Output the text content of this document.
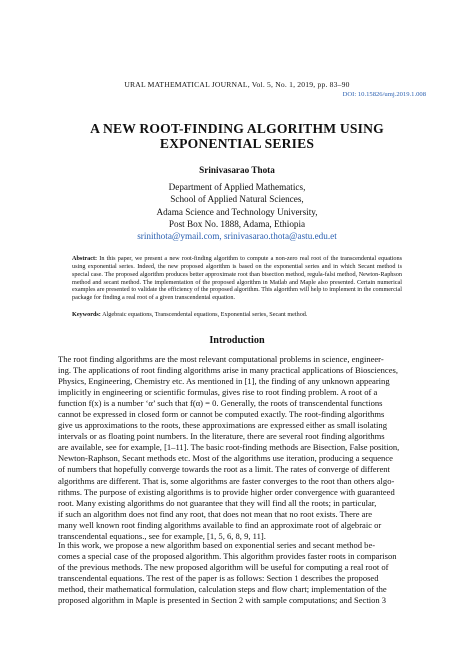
URAL MATHEMATICAL JOURNAL, Vol. 5, No. 1, 2019, pp. 83–90
DOI: 10.15826/umj.2019.1.008
A NEW ROOT-FINDING ALGORITHM USING
EXPONENTIAL SERIES
Srinivasarao Thota
Department of Applied Mathematics,
School of Applied Natural Sciences,
Adama Science and Technology University,
Post Box No. 1888, Adama, Ethiopia
srinithota@ymail.com, srinivasarao.thota@astu.edu.et
Abstract: In this paper, we present a new root-finding algorithm to compute a non-zero real root of the transcendental equations using exponential series. Indeed, the new proposed algorithm is based on the exponential series and in which Secant method is special case. The proposed algorithm produces better approximate root than bisection method, regula-falsi method, Newton-Raphson method and secant method. The implementation of the proposed algorithm in Matlab and Maple also presented. Certain numerical examples are presented to validate the efficiency of the proposed algorithm. This algorithm will help to implement in the commercial package for finding a real root of a given transcendental equation.
Keywords: Algebraic equations, Transcendental equations, Exponential series, Secant method.
Introduction
The root finding algorithms are the most relevant computational problems in science, engineer-
ing. The applications of root finding algorithms arise in many practical applications of Biosciences,
Physics, Engineering, Chemistry etc. As mentioned in [1], the finding of any unknown appearing
implicitly in engineering or scientific formulas, gives rise to root finding problem. A root of a
function f(x) is a number ‘α’ such that f(α) = 0. Generally, the roots of transcendental functions
cannot be expressed in closed form or cannot be computed exactly. The root-finding algorithms
give us approximations to the roots, these approximations are expressed either as small isolating
intervals or as floating point numbers. In the literature, there are several root finding algorithms
are available, see for example, [1–11]. The basic root-finding methods are Bisection, False position,
Newton-Raphson, Secant methods etc. Most of the algorithms use iteration, producing a sequence
of numbers that hopefully converge towards the root as a limit. The rates of converge of different
algorithms are different. That is, some algorithms are faster converges to the root than others algo-
rithms. The purpose of existing algorithms is to provide higher order convergence with guaranteed
root. Many existing algorithms do not guarantee that they will find all the roots; in particular,
if such an algorithm does not find any root, that does not mean that no root exists. There are
many well known root finding algorithms available to find an approximate root of algebraic or
transcendental equations., see for example, [1, 5, 6, 8, 9, 11].
In this work, we propose a new algorithm based on exponential series and secant method be-
comes a special case of the proposed algorithm. This algorithm provides faster roots in comparison
of the previous methods. The new proposed algorithm will be useful for computing a real root of
transcendental equations. The rest of the paper is as follows: Section 1 describes the proposed
method, their mathematical formulation, calculation steps and flow chart; implementation of the
proposed algorithm in Maple is presented in Section 2 with sample computations; and Section 3
